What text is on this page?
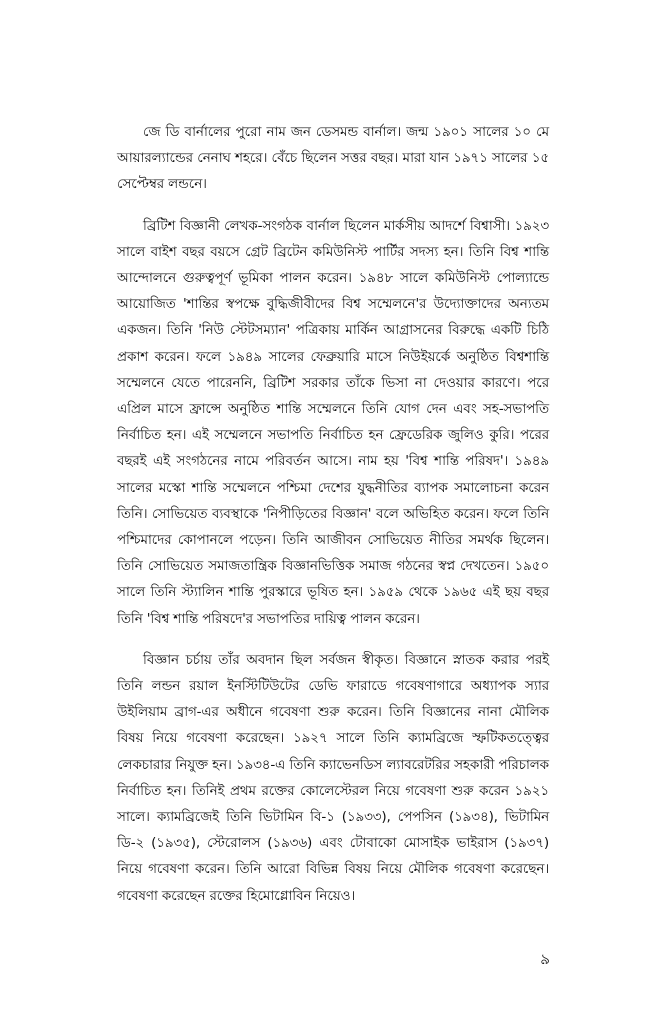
জে ডি বার্নালের পুরো নাম জন ডেসমন্ড বার্নাল। জন্ম ১৯০১ সালের ১০ মে আয়ারল্যান্ডের নেনাঘ শহরে। বেঁচে ছিলেন সত্তর বছর। মারা যান ১৯৭১ সালের ১৫ সেপ্টেম্বর লন্ডনে।

ব্রিটিশ বিজ্ঞানী লেখক-সংগঠক বার্নাল ছিলেন মার্কসীয় আদর্শে বিশ্বাসী। ১৯২৩ সালে বাইশ বছর বয়সে গ্রেট ব্রিটেন কমিউনিস্ট পার্টির সদস্য হন। তিনি বিশ্ব শান্তি আন্দোলনে গুরুত্বপূর্ণ ভূমিকা পালন করেন। ১৯৪৮ সালে কমিউনিস্ট পোল্যান্ডে আয়োজিত 'শান্তির স্বপক্ষে বুদ্ধিজীবীদের বিশ্ব সম্মেলনে'র উদ্যোক্তাদের অন্যতম একজন। তিনি 'নিউ স্টেটসম্যান' পত্রিকায় মার্কিন আগ্রাসনের বিরুদ্ধে একটি চিঠি প্রকাশ করেন। ফলে ১৯৪৯ সালের ফেব্রুয়ারি মাসে নিউইয়র্কে অনুষ্ঠিত বিশ্বশান্তি সম্মেলনে যেতে পারেননি, ব্রিটিশ সরকার তাঁকে ভিসা না দেওয়ার কারণে। পরে এপ্রিল মাসে ফ্রান্সে অনুষ্ঠিত শান্তি সম্মেলনে তিনি যোগ দেন এবং সহ-সভাপতি নির্বাচিত হন। এই সম্মেলনে সভাপতি নির্বাচিত হন ফ্রেডেরিক জুলিও কুরি। পরের বছরই এই সংগঠনের নামে পরিবর্তন আসে। নাম হয় 'বিশ্ব শান্তি পরিষদ'। ১৯৪৯ সালের মস্কো শান্তি সম্মেলনে পশ্চিমা দেশের যুদ্ধনীতির ব্যাপক সমালোচনা করেন তিনি। সোভিয়েত ব্যবস্থাকে 'নিপীড়িতের বিজ্ঞান' বলে অভিহিত করেন। ফলে তিনি পশ্চিমাদের কোপানলে পড়েন। তিনি আজীবন সোভিয়েত নীতির সমর্থক ছিলেন। তিনি সোভিয়েত সমাজতান্ত্রিক বিজ্ঞানভিত্তিক সমাজ গঠনের স্বপ্ন দেখতেন। ১৯৫০ সালে তিনি স্ট্যালিন শান্তি পুরস্কারে ভূষিত হন। ১৯৫৯ থেকে ১৯৬৫ এই ছয় বছর তিনি 'বিশ্ব শান্তি পরিষদে'র সভাপতির দায়িত্ব পালন করেন।

বিজ্ঞান চর্চায় তাঁর অবদান ছিল সর্বজন স্বীকৃত। বিজ্ঞানে স্নাতক করার পরই তিনি লন্ডন রয়াল ইনস্টিটিউটের ডেভি ফারাডে গবেষণাগারে অধ্যাপক স্যার উইলিয়াম ব্রাগ-এর অধীনে গবেষণা শুরু করেন। তিনি বিজ্ঞানের নানা মৌলিক বিষয় নিয়ে গবেষণা করেছেন। ১৯২৭ সালে তিনি ক্যামব্রিজে স্ফটিকতত্ত্বের লেকচারার নিযুক্ত হন। ১৯৩৪-এ তিনি ক্যাভেনডিস ল্যাবরেটরির সহকারী পরিচালক নির্বাচিত হন। তিনিই প্রথম রক্তের কোলেস্টেরল নিয়ে গবেষণা শুরু করেন ১৯২১ সালে। ক্যামব্রিজেই তিনি ভিটামিন বি-১ (১৯৩৩), পেপসিন (১৯৩৪), ভিটামিন ডি-২ (১৯৩৫), স্টেরোলস (১৯৩৬) এবং টোবাকো মোসাইক ভাইরাস (১৯৩৭) নিয়ে গবেষণা করেন। তিনি আরো বিভিন্ন বিষয় নিয়ে মৌলিক গবেষণা করেছেন। গবেষণা করেছেন রক্তের হিমোগ্লোবিন নিয়েও।

৯
